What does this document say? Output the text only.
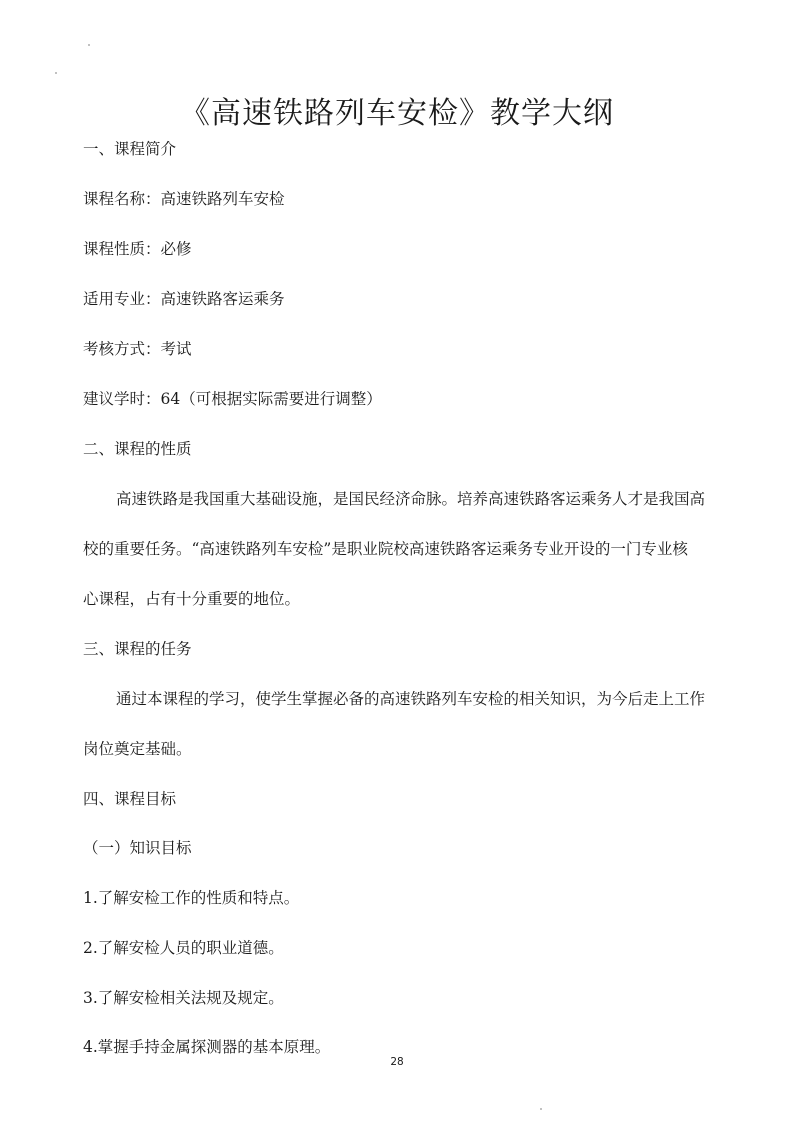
《高速铁路列车安检》教学大纲
一、课程简介
课程名称：高速铁路列车安检
课程性质：必修
适用专业：高速铁路客运乘务
考核方式：考试
建议学时：64（可根据实际需要进行调整）
二、课程的性质
高速铁路是我国重大基础设施，是国民经济命脉。培养高速铁路客运乘务人才是我国高
校的重要任务。“高速铁路列车安检”是职业院校高速铁路客运乘务专业开设的一门专业核
心课程，占有十分重要的地位。
三、课程的任务
通过本课程的学习，使学生掌握必备的高速铁路列车安检的相关知识，为今后走上工作
岗位奠定基础。
四、课程目标
（一）知识目标
1.了解安检工作的性质和特点。
2.了解安检人员的职业道德。
3.了解安检相关法规及规定。
4.掌握手持金属探测器的基本原理。
28
